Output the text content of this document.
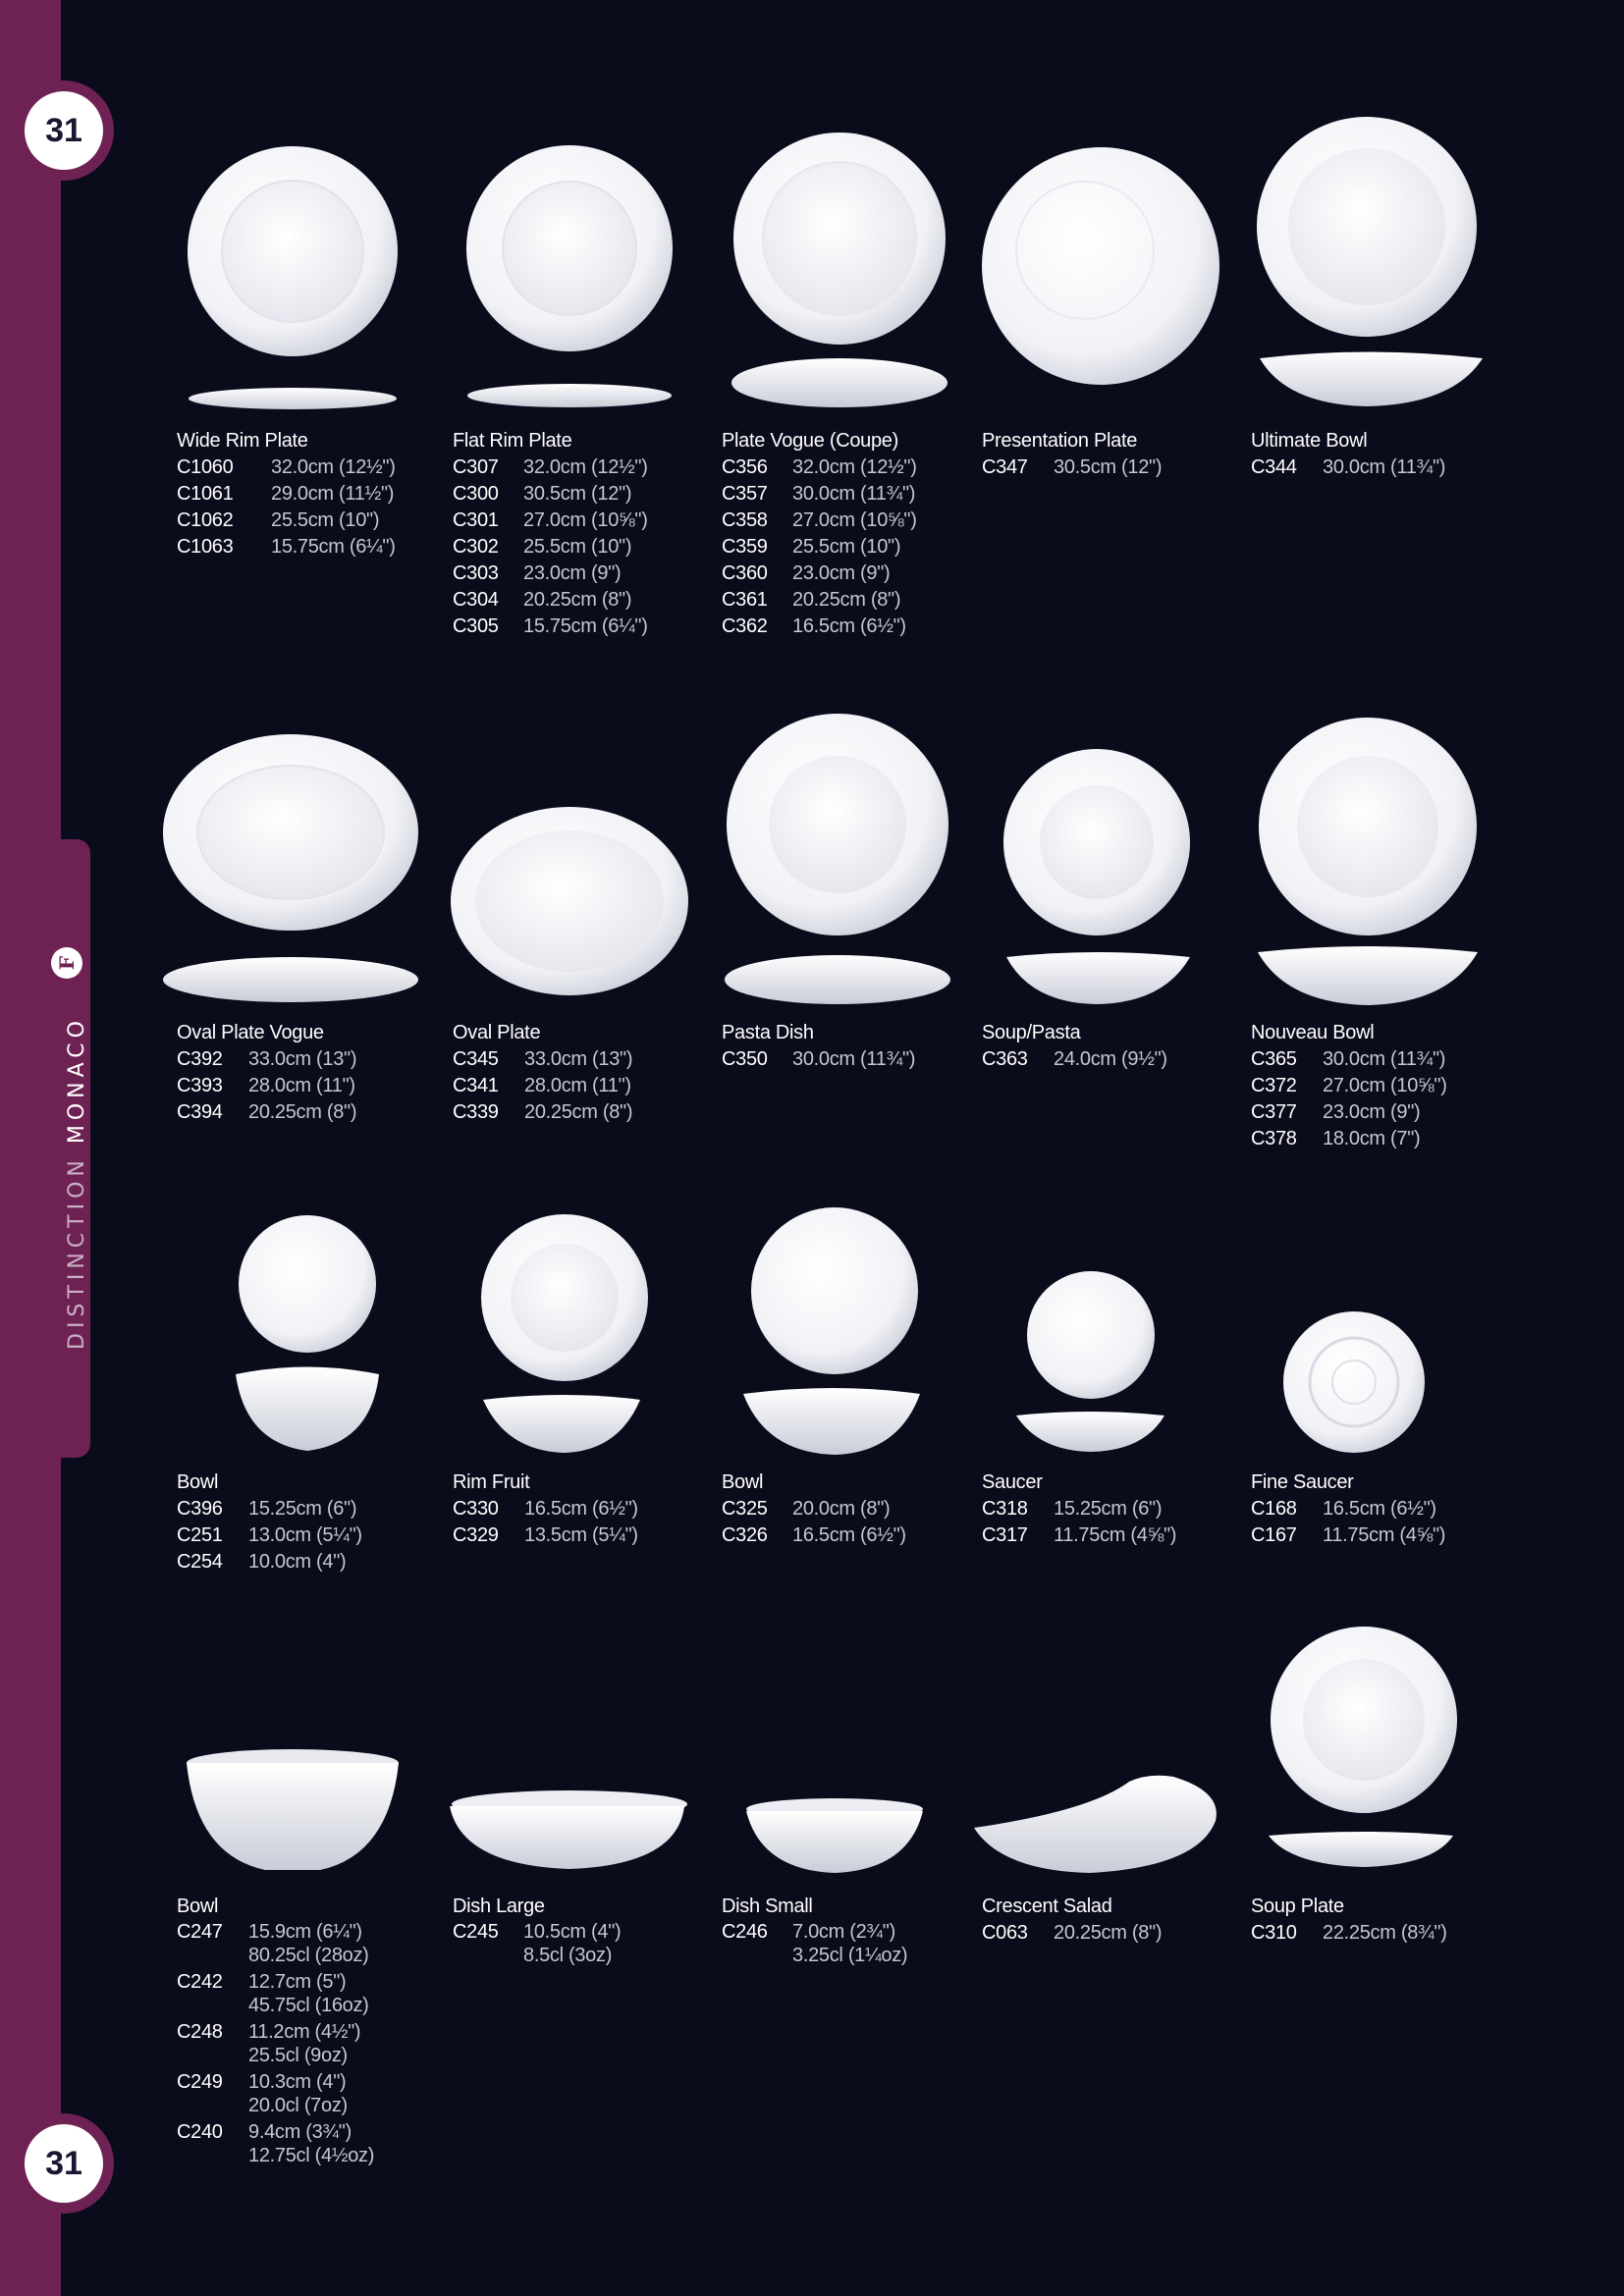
DISTINCTION MONACO
F
31
31
Wide Rim Plate
C1060	32.0cm (12½")
C1061	29.0cm (11½")
C1062	25.5cm (10")
C1063	15.75cm (6¼")
Flat Rim Plate
C307	32.0cm (12½")
C300	30.5cm (12")
C301	27.0cm (10⅝")
C302	25.5cm (10")
C303	23.0cm (9")
C304	20.25cm (8")
C305	15.75cm (6¼")
Plate Vogue (Coupe)
C356	32.0cm (12½")
C357	30.0cm (11¾")
C358	27.0cm (10⅝")
C359	25.5cm (10")
C360	23.0cm (9")
C361	20.25cm (8")
C362	16.5cm (6½")
Presentation Plate
C347	30.5cm (12")
Ultimate Bowl
C344	30.0cm (11¾")
Oval Plate Vogue
C392	33.0cm (13")
C393	28.0cm (11")
C394	20.25cm (8")
Oval Plate
C345	33.0cm (13")
C341	28.0cm (11")
C339	20.25cm (8")
Pasta Dish
C350	30.0cm (11¾")
Soup/Pasta
C363	24.0cm (9½")
Nouveau Bowl
C365	30.0cm (11¾")
C372	27.0cm (10⅝")
C377	23.0cm (9")
C378	18.0cm (7")
Bowl
C396	15.25cm (6")
C251	13.0cm (5¼")
C254	10.0cm (4")
Rim Fruit
C330	16.5cm (6½")
C329	13.5cm (5¼")
Bowl
C325	20.0cm (8")
C326	16.5cm (6½")
Saucer
C318	15.25cm (6")
C317	11.75cm (4⅝")
Fine Saucer
C168	16.5cm (6½")
C167	11.75cm (4⅝")
Bowl
C247	15.9cm (6¼")
80.25cl (28oz)
C242	12.7cm (5")
45.75cl (16oz)
C248	11.2cm (4½")
25.5cl (9oz)
C249	10.3cm (4")
20.0cl (7oz)
C240	9.4cm (3¾")
12.75cl (4½oz)
Dish Large
C245	10.5cm (4")
8.5cl (3oz)
Dish Small
C246	7.0cm (2¾")
3.25cl (1¼oz)
Crescent Salad
C063	20.25cm (8")
Soup Plate
C310	22.25cm (8¾")
